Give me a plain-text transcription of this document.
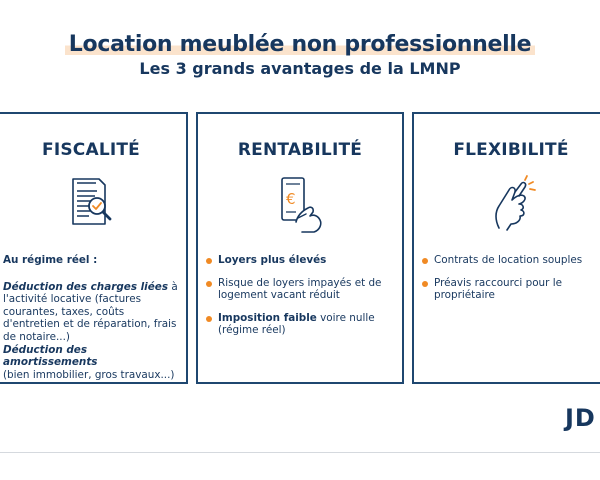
Location meublée non professionnelle
Les 3 grands avantages de la LMNP
FISCALITÉ
Au régime réel :

Déduction des charges liées à l'activité locative (factures courantes, taxes, coûts d'entretien et de réparation, frais de notaire...)

Déduction des amortissements
(bien immobilier, gros travaux...)

RENTABILITÉ
€
Loyers plus élevés
Risque de loyers impayés et de logement vacant réduit
Imposition faible voire nulle (régime réel)
FLEXIBILITÉ
Contrats de location souples
Préavis raccourci pour le propriétaire
JD
